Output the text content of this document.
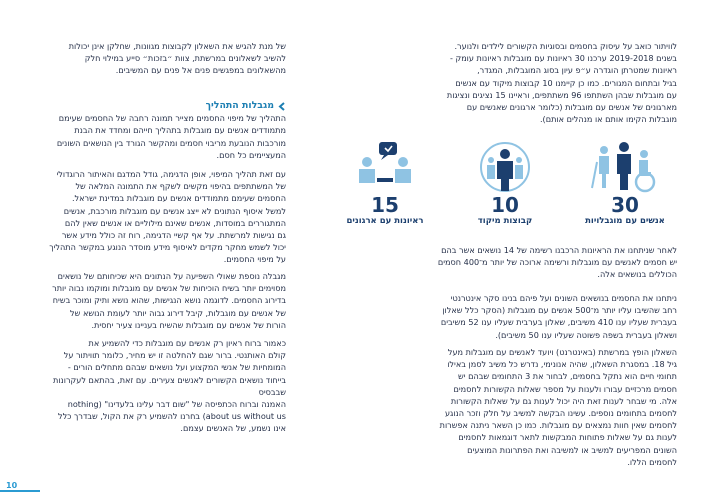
לוויתור כואב על עיסוק בחסמים ובסוגיות הקשורים לילדים ולנוער.

בשנים 2019-2018 ערכנו 30 ראיונות עם מוגבלות ראיונות עומק -

ראיונות שמטרתן הוגדרה ע״פ עיון בסוג המוגבלות, המגדר,

בגיל ובתחום המגורים. כמו כן קיימנו 10 קבוצות מיקוד עם אנשים

עם מוגבלות שבהן השתתפו 96 משתתפים, וראיינו 15 נציגים ונציגות

מארגונים של אנשים עם מוגבלות (כלומר ארגונים שאנשים עם

מוגבלות הקימו אותם או מנהלים אותם).

לאחר שניתחנו את הראיונות הרכבנו רשימה של 14 נושאים אשר בהם

יש חסמים לאנשים עם מוגבלות ורשימה ארוכה של יותר מ־400 חסמים

הכוללים בנושאים אלה.

ניתחנו את החסמים בנושאים השונים ועל פיהם בנינו סקר אינטרנטי

רחב שהשיבו עליו יותר מ־500 אנשים עם מוגבלות (הסקר כלל שאלון

בעברית שעליו ענו 410 משיבים, שאלון בערבית שעליו ענו 52 משיבים

ושאלון בעברית בשפה פשוטה שעליו ענו 50 משיבים).

השאלון הופץ במרשתת (באינטרנט) ויועד לאנשים עם מוגבלות מעל

גיל 18. במסגרת השאלון, שהיה אנונימי, נדרש כל משיב לסמן באילו

תחומי חיים הוא נתקל בחסמים, לבחור את 3 התחומים שבהם יש

חסמים מרכזיים עבורו ולענות על מספר שאלות הקשורות לחסמים

אלה. מי שבחר לענות זאת היה יכול לענות גם על שאלות הקשורות

לחסמים בתחומים נוספים. עשינו הבקשה למשיב על חלק וזכר הנוגע

לחסמים שאין חוות נמצאים עם מוגבלות. כמו כן השאר ניתנה אפשרות

לענות גם על שאלות פתוחות המבקשות לתאר דוגמאות לחסמים

השונים המפריעים למשיב או למשיבה ואת הפתרונות המוצעים

לחסמים הללו.

30
אנשים עם מוגבלויות
10
קבוצות מיקוד
15
ראיונות עם ארגונים

של מנת להגיש את השאלון לקבוצות מגוונות, שחלקן אינן יכולות

להשיב לשאלונים במרשתת, צוות ״בזכות״ סייע במילוי חלק

מהשאלונים במפגשים פנים אל פנים עם המשיבים.

מגבלות התהליך

התהליך של מיפוי החסמים מצייר תמונה רחבה של החסמים שעימם

מתמודדים אנשים עם מוגבלות בתהליך חייהם ומחדד את הבנת

מורכבות הנובעת מריבוי חסמים ומהקשר הגורד בין הנושאים השונים

המעציימים כל חסם.

עם זאת תהליך המיפוי, אופן הדגימה, גודל המדגם והאיתור הרוגדולי

של המשתתפים בהיפוי מקשים לשקף את התמונה המלאה של

החסמים שעימם מתמודדים אנשים עם מוגבלות במדינת ישראל.

למשל איסוף הנתונים לא ייצג אנשים עם מוגבלות מורכבת, אנשים

המתגוררים במוסדות, אנשים שאינם מילוליים או אנשים שאין להם

גם נגישות למרשתת. על אף קשיי הדגימה, רוח זה כולל מידע אשר

יכול לשמש מחקר מקדים לאיסוף מידע מוסדר הנוגע במקשר התהליך

על מיפוי החסמים.

מגבלה נוספת שאולי השפיעה על הנתונים היא שכיחותם של נושאים

מסוימים יותר בשיח הוכיחות של אנשים עם מוגבלות ומוקמו נבוה יותר

בדירוג החסמים. לדוגמה נושא הנגישות, שהוא נושא ותיק ומוכר בשיח

של אנשים עם מוגבלות, קיבל דירוג גבוה יותר לעומת הנושא של

הורות של אנשים עם מוגבלות שהשיח בעניינו צעיר יחסית.

כאמור ברוח ראיון רק אנשים עם מוגבלות כדי להשמיע את

קולם האותנטי. ברור שגם להחלטה זו יש מחיר, כלומר תוויתור על

המומחיות של אנשי המקצוע ועל נושאים שבהם מתחלים הורים -

בייחוד נושאים הקשורים לאנשים צעירים. עם זאת, בהתאם לעקרונות שבבסיס

האמנה וברוח הכתפיסה של "שום דבר עלינו בלעדינו" (nothing

about us without us) בחרנו להשמיע רק את הקול, שבדרך כלל

אינו נשמע, של האנשים עצמם.

10
